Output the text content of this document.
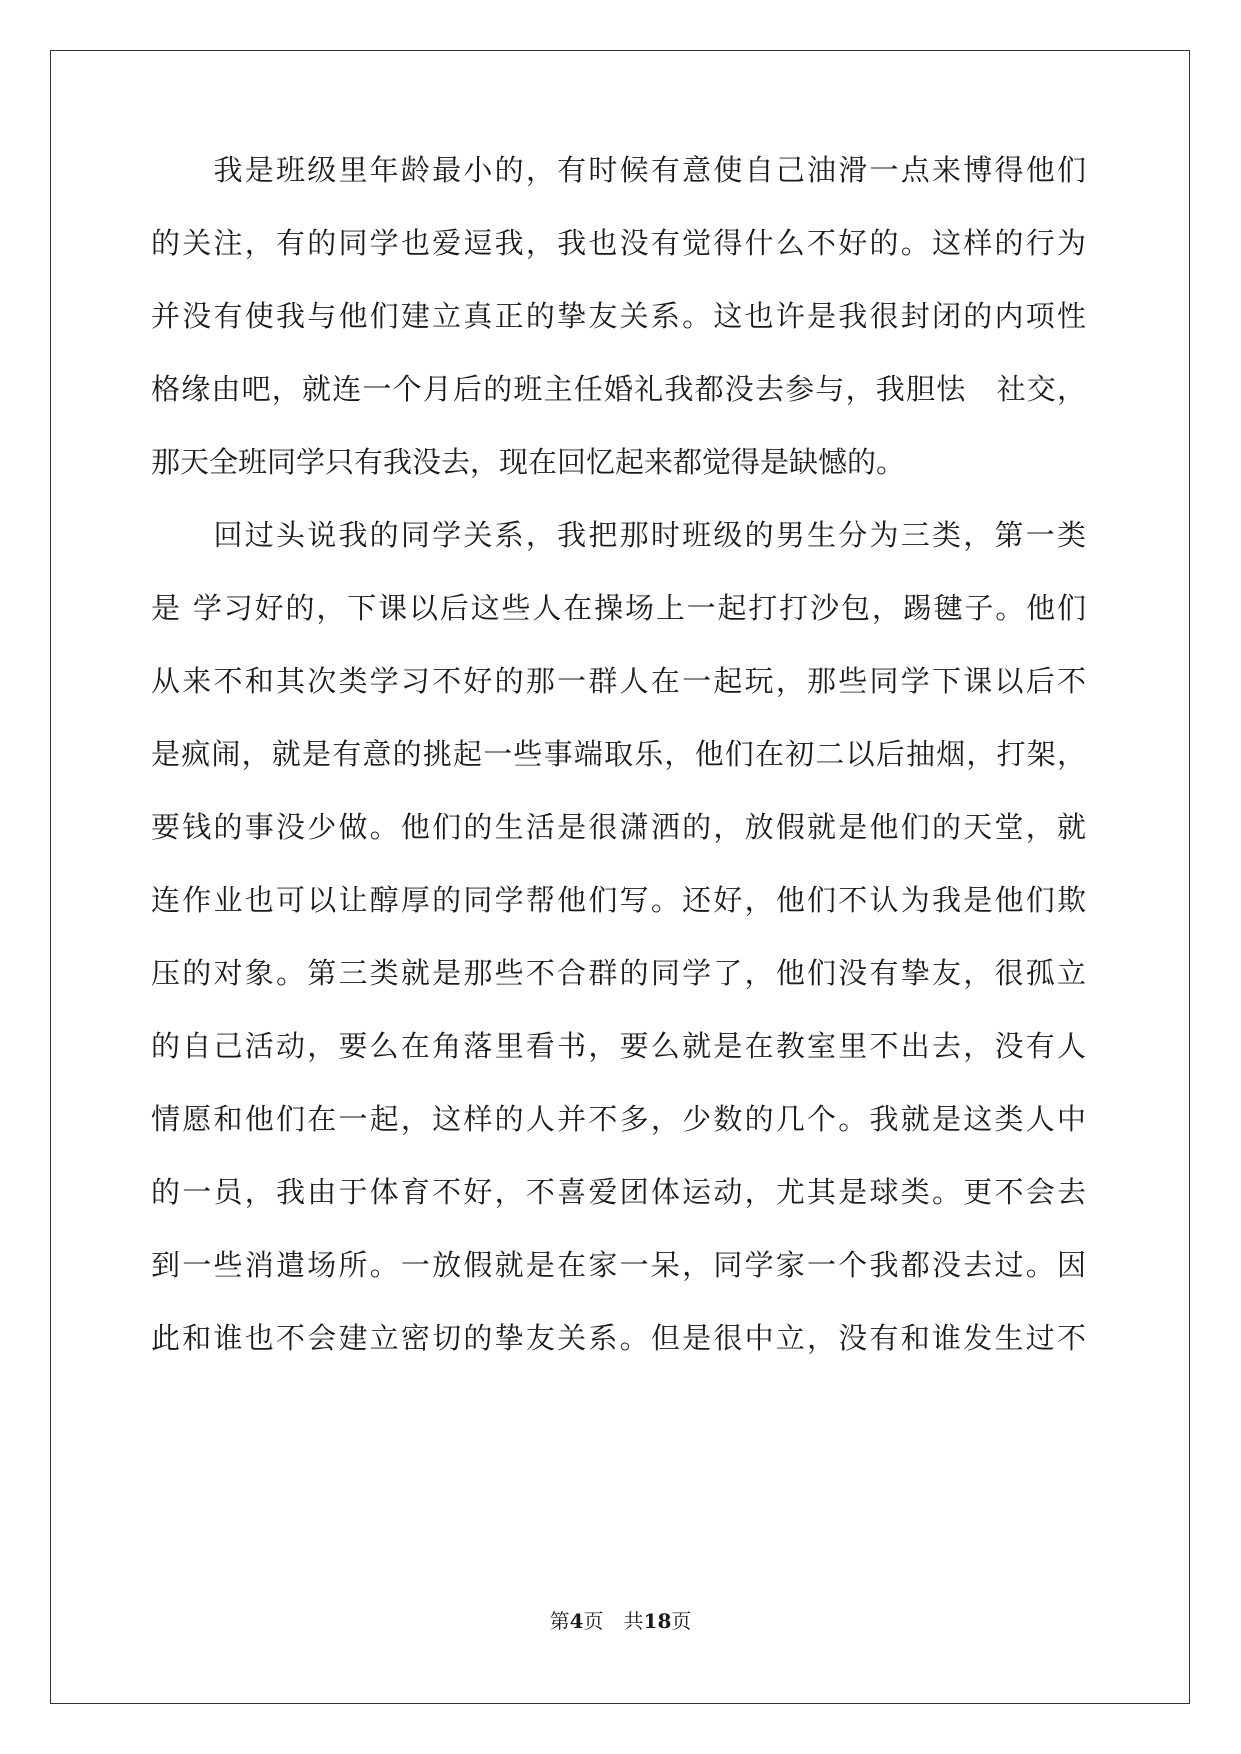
　　我是班级里年龄最小的，有时候有意使自己油滑一点来博得他们
的关注，有的同学也爱逗我，我也没有觉得什么不好的。这样的行为
并没有使我与他们建立真正的挚友关系。这也许是我很封闭的内项性
格缘由吧，就连一个月后的班主任婚礼我都没去参与，我胆怯　社交，
那天全班同学只有我没去，现在回忆起来都觉得是缺憾的。
　　回过头说我的同学关系，我把那时班级的男生分为三类，第一类
是 学习好的，下课以后这些人在操场上一起打打沙包，踢毽子。他们
从来不和其次类学习不好的那一群人在一起玩，那些同学下课以后不
是疯闹，就是有意的挑起一些事端取乐，他们在初二以后抽烟，打架，
要钱的事没少做。他们的生活是很潇洒的，放假就是他们的天堂，就
连作业也可以让醇厚的同学帮他们写。还好，他们不认为我是他们欺
压的对象。第三类就是那些不合群的同学了，他们没有挚友，很孤立
的自己活动，要么在角落里看书，要么就是在教室里不出去，没有人
情愿和他们在一起，这样的人并不多，少数的几个。我就是这类人中
的一员，我由于体育不好，不喜爱团体运动，尤其是球类。更不会去
到一些消遣场所。一放假就是在家一呆，同学家一个我都没去过。因
此和谁也不会建立密切的挚友关系。但是很中立，没有和谁发生过不
第4页　共18页
